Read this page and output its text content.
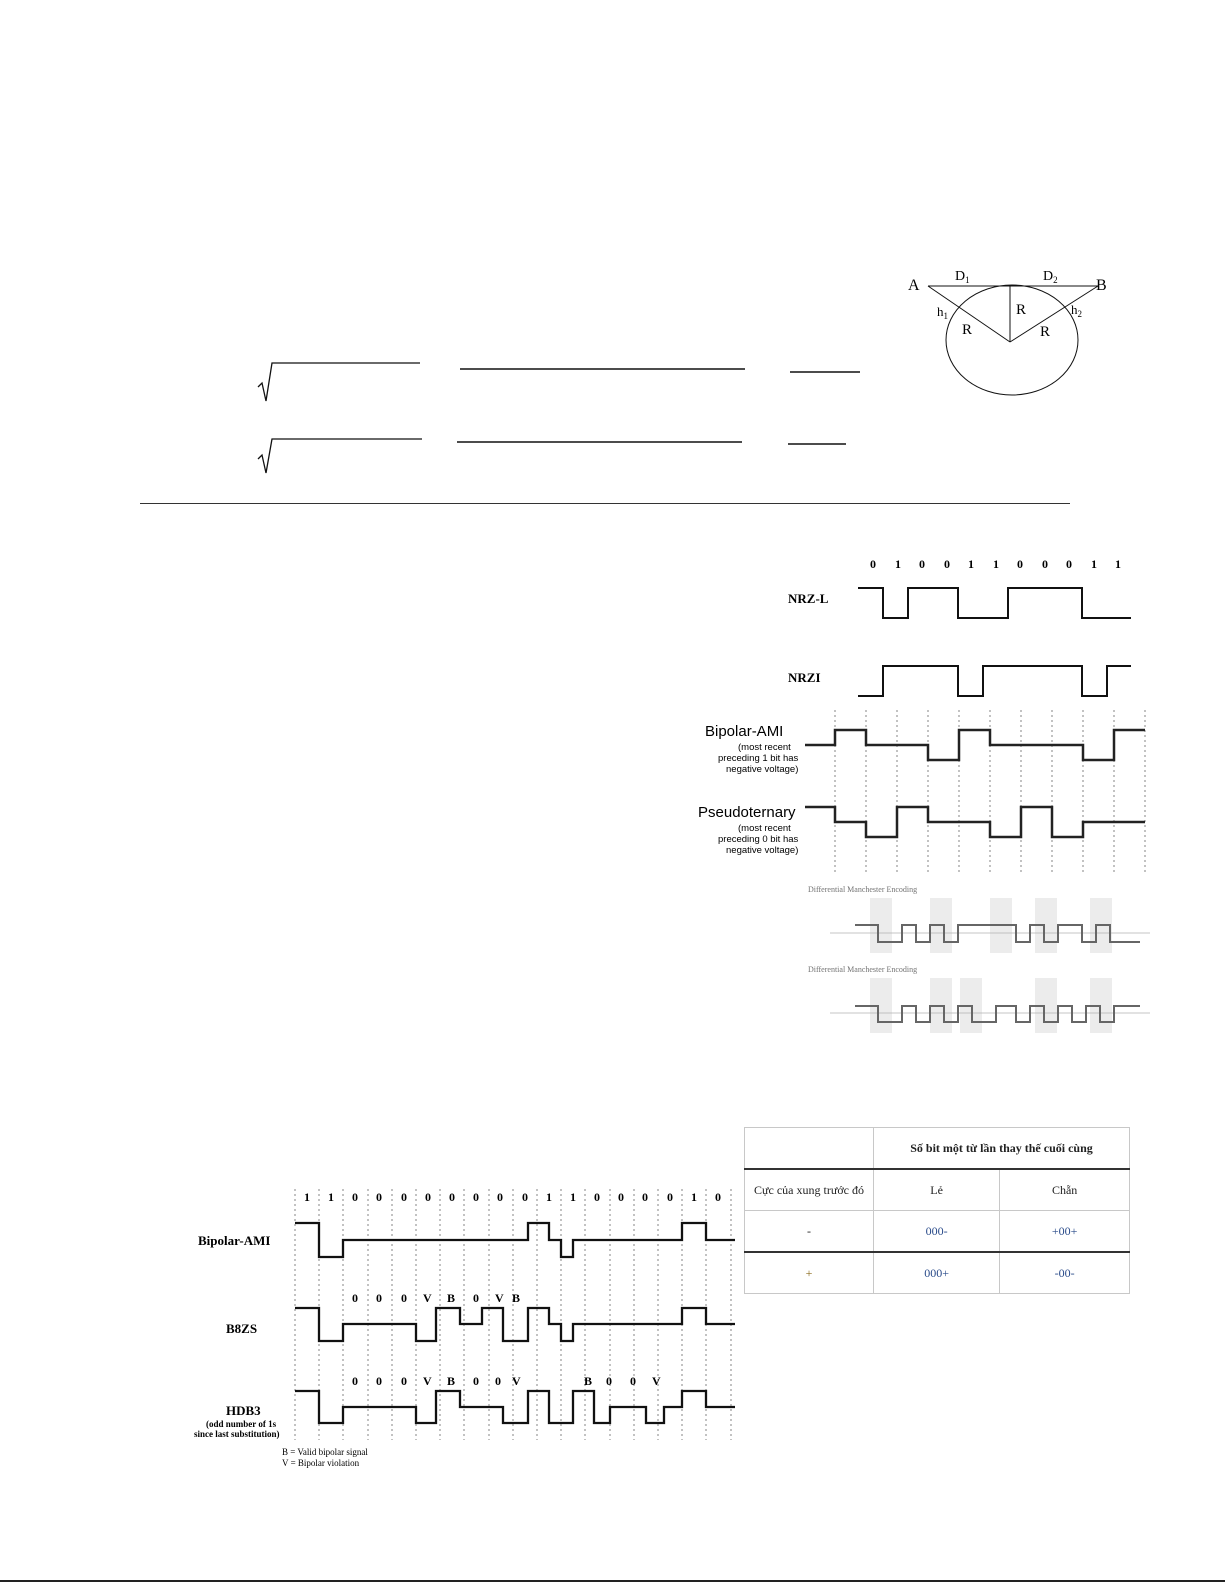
A	B
$D_1$	$D_2$
$h_1$	$h_2$
R
R
R
0 1 0 0 1 1 0 0 0 1 1
NRZ-L
NRZI
Bipolar-AMI
(most recent
preceding 1 bit has
negative voltage)
Pseudoternary
(most recent
preceding 0 bit has
negative voltage)
Differential Manchester Encoding
Differential Manchester Encoding
1 1 0 0 0 0 0 0 0 0 1 1 0 0 0 0 1 0
Bipolar-AMI
0 0 0 V B 0 V B
B8ZS
0 0 0 V B 0 0 V	B 0 0 V
HDB3
(odd number of 1s
since last substitution)
B = Valid bipolar signal
V = Bipolar violation
	Số bit một từ lần thay thế cuối cùng	
Cực của xung trước đó	Lẻ	Chẵn
-	000-	+00+
+	000+	-00-
